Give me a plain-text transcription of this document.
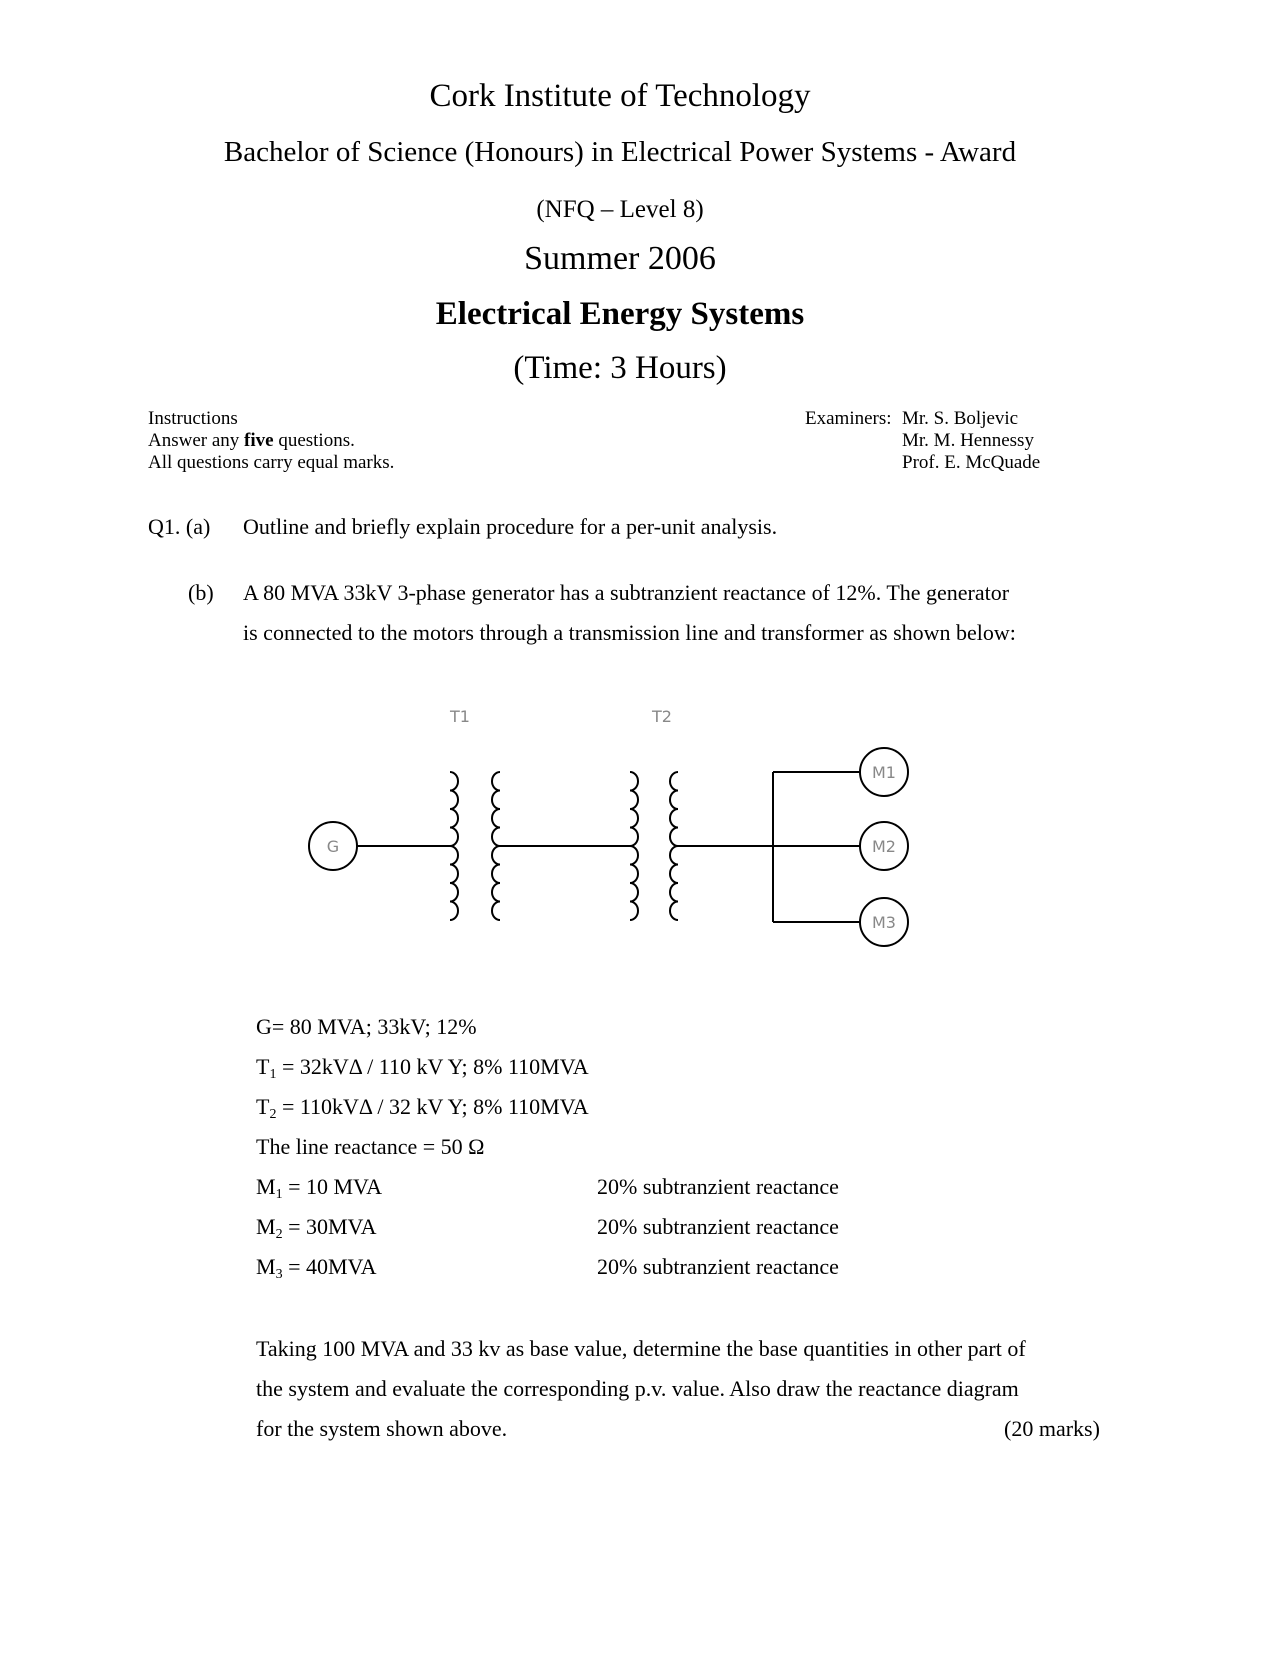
Cork Institute of Technology
Bachelor of Science (Honours) in Electrical Power Systems - Award
(NFQ – Level 8)
Summer 2006
Electrical Energy Systems
(Time: 3 Hours)
Instructions
Answer any five questions.
All questions carry equal marks.
Examiners: Mr. S. Boljevic
Mr. M. Hennessy
Prof. E. McQuade
Q1. (a) Outline and briefly explain procedure for a per-unit analysis.
(b) A 80 MVA 33kV 3-phase generator has a subtranzient reactance of 12%. The generator
is connected to the motors through a transmission line and transformer as shown below:
T1	T2
G
M1
M2
M3
G= 80 MVA; 33kV; 12%
$T_1 = 32kV\Delta / 110$ kV Y; 8% 110MVA
$T_2 = 110kV\Delta / 32$ kV Y; 8% 110MVA
The line reactance = 50 Ω
$M_1 = 10$ MVA	20% subtranzient reactance
$M_2 = 30MVA$	20% subtranzient reactance
$M_3 = 40MVA$	20% subtranzient reactance
Taking 100 MVA and 33 kv as base value, determine the base quantities in other part of
the system and evaluate the corresponding p.v. value. Also draw the reactance diagram
for the system shown above.	(20 marks)
